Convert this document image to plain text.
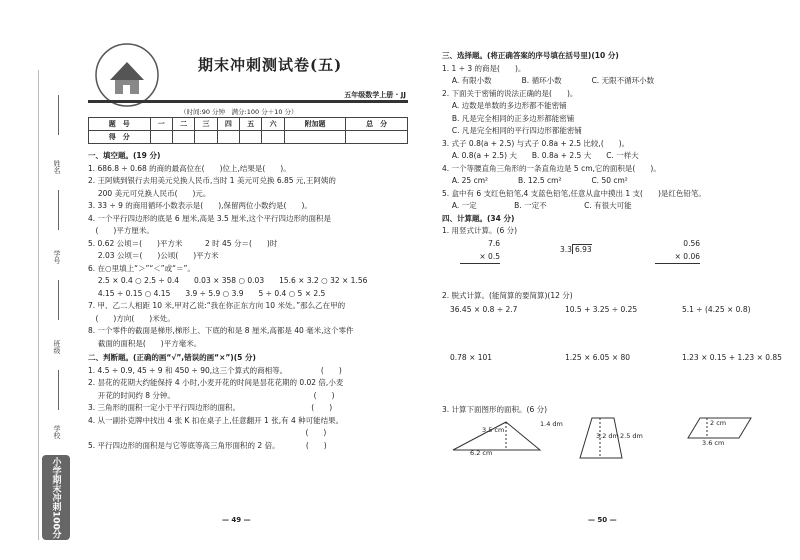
姓名
学号
班级
学校
小学期末冲刺100分
期末冲刺测试卷(五)
五年级数学上册 · JJ
（时间:90 分钟　满分:100 分＋10 分）
题　号	一	二	三	四	五	六	附加题	总　分
得　分								
一、填空题。(19 分)
1. 686.8 ÷ 0.68 的商的最高位在(　　)位上,结果是(　　)。
2. 王阿姨到银行去用美元兑换人民币,当时 1 美元可兑换 6.85 元,王阿姨的
　 200 美元可兑换人民币(　　)元。
3. 33 ÷ 9 的商用循环小数表示是(　　),保留两位小数约是(　　)。
4. 一个平行四边形的底是 6 厘米,高是 3.5 厘米,这个平行四边形的面积是
　(　　)平方厘米。
5. 0.62 公顷＝(　　)平方米　　　2 时 45 分＝(　　)时
　 2.03 公顷＝(　　)公顷(　　)平方米
6. 在○里填上“＞”“＜”或“＝”。
　 2.5 × 0.4 ○ 2.5 ÷ 0.4　　0.03 × 358 ○ 0.03　　15.6 × 3.2 ○ 32 × 1.56
　 4.15 ÷ 0.15 ○ 4.15　　3.9 ÷ 5.9 ○ 3.9　　5 ÷ 0.4 ○ 5 × 2.5
7. 甲、乙二人相距 10 米,甲对乙说:“我在你正东方向 10 米处。”那么乙在甲的
　(　　)方向(　　)米处。
8. 一个零件的截面是梯形,梯形上、下底的和是 8 厘米,高都是 40 毫米,这个零件
　 截面的面积是(　　)平方毫米。
二、判断题。(正确的画“√”,错误的画“×”)(5 分)
1. 4.5 ÷ 0.9, 45 ÷ 9 和 450 ÷ 90,这三个算式的商相等。　　　　　(　　)
2. 昙花的花期大约能保持 4 小时,小麦开花的时间是昙花花期的 0.02 倍,小麦
　 开花的时间约 8 分钟。　　　　　　　　　　　　　　　　　　　(　　)
3. 三角形的面积一定小于平行四边形的面积。　　　　　　　　　　(　　)
4. 从一副扑克牌中找出 4 张 K 扣在桌子上,任意翻开 1 张,有 4 种可能结果。
　　　　　　　　　　　　　　　　　　　　　　　　　　　　　(　　)
5. 平行四边形的面积是与它等底等高三角形面积的 2 倍。　　　　(　　)
— 49 —
三、选择题。(将正确答案的序号填在括号里)(10 分)
1. 1 ÷ 3 的商是(　　)。
　 A. 有限小数　　　　B. 循环小数　　　　C. 无限不循环小数
2. 下面关于密铺的说法正确的是(　　)。
　 A. 边数是单数的多边形都不能密铺
　 B. 凡是完全相同的正多边形都能密铺
　 C. 凡是完全相同的平行四边形都能密铺
3. 式子 0.8(a + 2.5) 与式子 0.8a + 2.5 比较,(　　)。
　 A. 0.8(a + 2.5) 大　　B. 0.8a + 2.5 大　　C. 一样大
4. 一个等腰直角三角形的一条直角边是 5 cm,它的面积是(　　)。
　 A. 25 cm²　　　　B. 12.5 cm²　　　　C. 50 cm²
5. 盒中有 6 支红色铅笔,4 支蓝色铅笔,任意从盒中摸出 1 支(　　)是红色铅笔。
　 A. 一定　　　　　B. 一定不　　　　　C. 有很大可能
四、计算题。(34 分)
1. 用竖式计算。(6 分)
7.6
× 0.5
3.3 6.93
0.56
× 0.06
2. 脱式计算。(能简算的要简算)(12 分)
36.45 × 0.8 ÷ 2.7	10.5 + 3.25 ÷ 0.25	5.1 ÷ (4.25 × 0.8)
0.78 × 101	1.25 × 6.05 × 80	1.23 × 0.15 + 1.23 × 0.85
3. 计算下面图形的面积。(6 分)
3.5 cm
6.2 cm
1.4 dm
3.2 dm 2.5 dm
2 cm
3.6 cm
— 50 —
